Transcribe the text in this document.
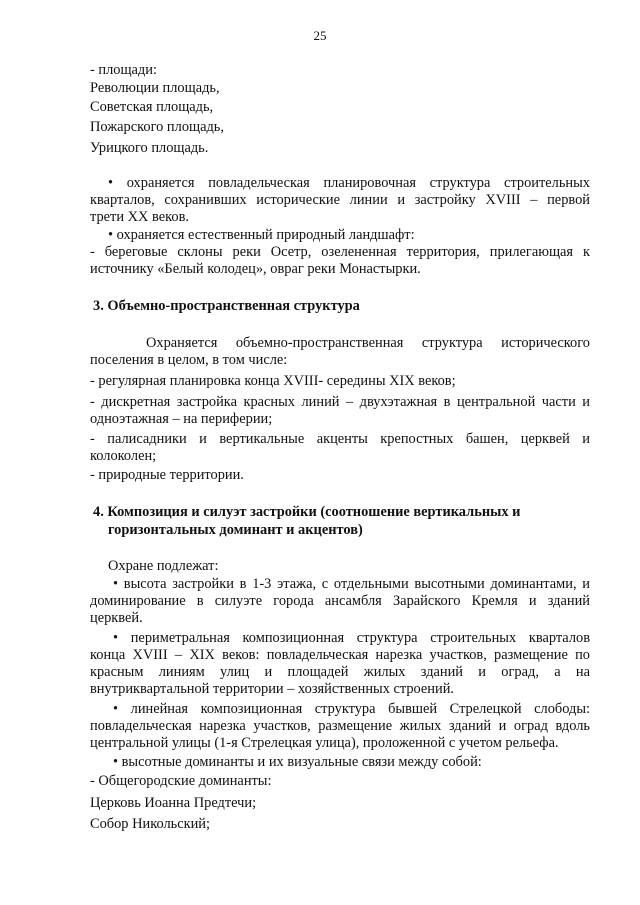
25
- площади:
Революции площадь,
Советская площадь,
Пожарского площадь,
Урицкого площадь.
• охраняется повладельческая планировочная структура строительных
кварталов, сохранивших исторические линии и застройку XVIII – первой
трети XX веков.
• охраняется естественный природный ландшафт:
- береговые склоны реки Осетр, озелененная территория, прилегающая к
источнику «Белый колодец», овраг реки Монастырки.
3. Объемно-пространственная структура
Охраняется объемно-пространственная структура исторического
поселения в целом, в том числе:
- регулярная планировка конца XVIII- середины XIX веков;
- дискретная застройка красных линий – двухэтажная в центральной части и
одноэтажная – на периферии;
- палисадники и вертикальные акценты крепостных башен, церквей и
колоколен;
- природные территории.
4. Композиция и силуэт застройки (соотношение вертикальных и
горизонтальных доминант и акцентов)
Охране подлежат:
• высота застройки в 1-3 этажа, с отдельными высотными доминантами, и
доминирование в силуэте города ансамбля Зарайского Кремля и зданий
церквей.
• периметральная композиционная структура строительных кварталов
конца XVIII – XIX веков: повладельческая нарезка участков, размещение по
красным линиям улиц и площадей жилых зданий и оград, а на
внутриквартальной территории – хозяйственных строений.
• линейная композиционная структура бывшей Стрелецкой слободы:
повладельческая нарезка участков, размещение жилых зданий и оград вдоль
центральной улицы (1-я Стрелецкая улица), проложенной с учетом рельефа.
• высотные доминанты и их визуальные связи между собой:
- Общегородские доминанты:
Церковь Иоанна Предтечи;
Собор Никольский;
